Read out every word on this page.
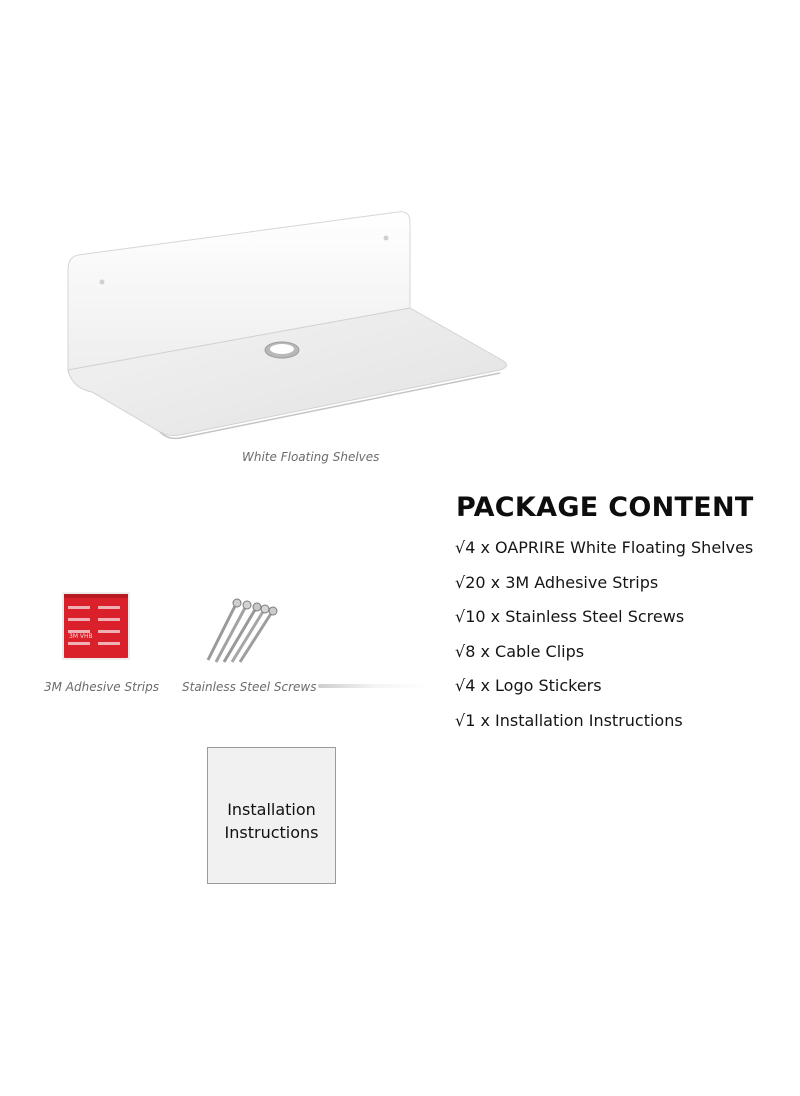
White Floating Shelves
3M VHB
3M Adhesive Strips Stainless Steel Screws
Installation
Instructions
PACKAGE CONTENT
√4 x OAPRIRE White Floating Shelves
√20 x 3M Adhesive Strips
√10 x Stainless Steel Screws
√8 x Cable Clips
√4 x Logo Stickers
√1 x Installation Instructions
